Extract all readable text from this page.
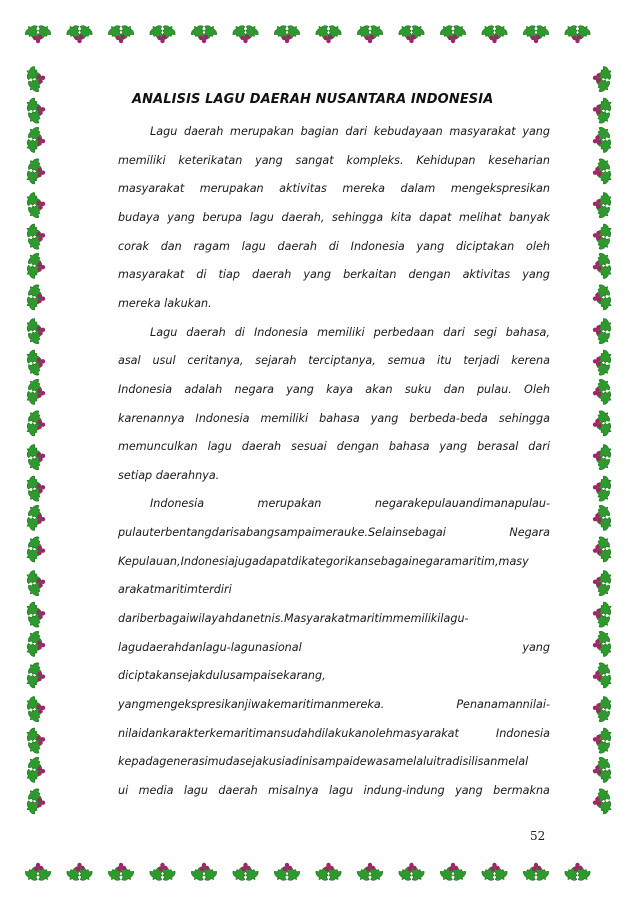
ANALISIS LAGU DAERAH NUSANTARA INDONESIA
Lagu daerah merupakan bagian dari kebudayaan masyarakat yang
memiliki keterikatan yang sangat kompleks. Kehidupan keseharian
masyarakat merupakan aktivitas mereka dalam mengekspresikan
budaya yang berupa lagu daerah, sehingga kita dapat melihat banyak
corak dan ragam lagu daerah di Indonesia yang diciptakan oleh
masyarakat di tiap daerah yang berkaitan dengan aktivitas yang
mereka lakukan.
Lagu daerah di Indonesia memiliki perbedaan dari segi bahasa,
asal usul ceritanya, sejarah terciptanya, semua itu terjadi kerena
Indonesia adalah negara yang kaya akan suku dan pulau. Oleh
karenannya Indonesia memiliki bahasa yang berbeda-beda sehingga
memunculkan lagu daerah sesuai dengan bahasa yang berasal dari
setiap daerahnya.
Indonesia	merupakan	negarakepulauandimanapulau-
pulauterbentangdarisabangsampaimerauke.Selainsebagai	Negara
Kepulauan,Indonesiajugadapatdikategorikansebagainegaramaritim,masy
arakatmaritimterdiri
dariberbagaiwilayahdanetnis.Masyarakatmaritimmemilikilagu-
lagudaerahdanlagu-lagunasional	yang
diciptakansejakdulusampaisekarang,
yangmengekspresikanjiwakemaritimanmereka.	Penanamannilai-
nilaidankarakterkemaritimansudahdilakukanolehmasyarakat	Indonesia
kepadagenerasimudasejakusiadinisampaidewasamelaluitradisilisanmelal
ui media lagu daerah misalnya lagu indung-indung yang bermakna
52
